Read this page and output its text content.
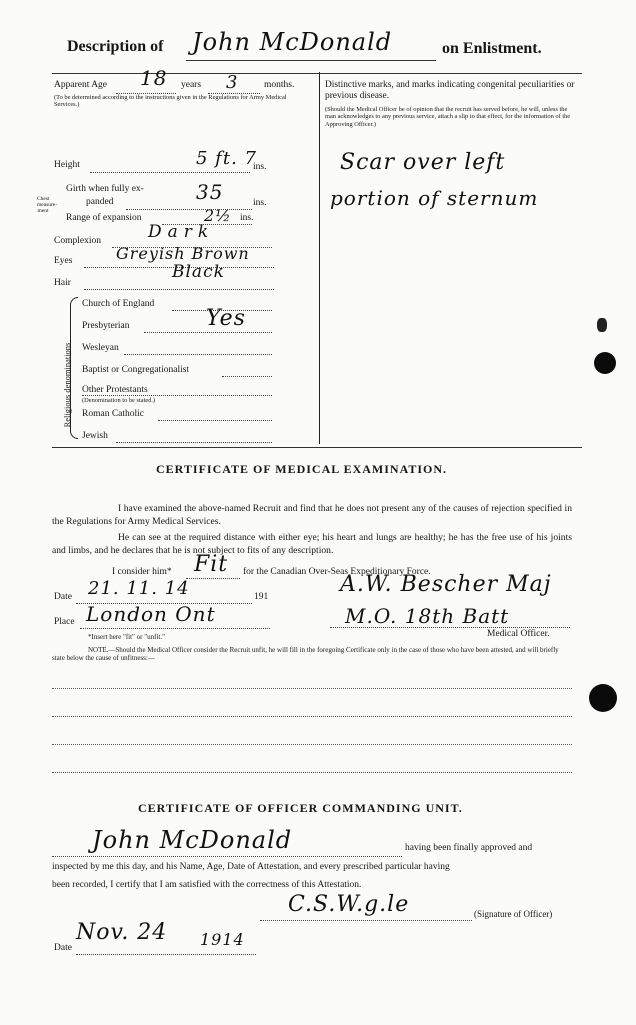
Description of John McDonald	on Enlistment.
Apparent Age 18 years 3	months.
(To be determined according to the instructions given in the Regulations for Army Medical Services.)
Height	5 ft. 7
ins.
Chest measure- ment
Girth when fully ex-
panded	35	ins.
Range of expansion	2½ ins.
Complexion	Dark
Eyes	Greyish Brown
Hair
Black
Religious denominations
Church of England
Presbyterian	Yes
Wesleyan
Baptist or Congregationalist
Other Protestants
(Denomination to be stated.)
Roman Catholic
Jewish
Distinctive marks, and marks indicating congenital peculiarities or previous disease.
(Should the Medical Officer be of opinion that the recruit has served before, he will, unless the man acknowledges to any previous service, attach a slip to that effect, for the information of the Approving Officer.)
Scar over left
portion of sternum
CERTIFICATE OF MEDICAL EXAMINATION.
I have examined the above-named Recruit and find that he does not present any of the causes of rejection specified in the Regulations for Army Medical Services.
He can see at the required distance with either eye; his heart and lungs are healthy; he has the free use of his joints and limbs, and he declares that he is not subject to fits of any description.
I consider him* Fit for the Canadian Over-Seas Expeditionary Force.
Date 21. 11. 14	191
Place London Ont
A.W. Bescher Maj
M.O. 18th Batt
Medical Officer.
*Insert here "fit" or "unfit."
NOTE.—Should the Medical Officer consider the Recruit unfit, he will fill in the foregoing Certificate only in the case of those who have been attested, and will briefly state below the cause of unfitness:—
CERTIFICATE OF OFFICER COMMANDING UNIT.
John McDonald	having been finally approved and
inspected by me this day, and his Name, Age, Date of Attestation, and every prescribed particular having
been recorded, I certify that I am satisfied with the correctness of this Attestation.
C.S.W.g.le	(Signature of Officer)
Date
Nov. 24 1914
